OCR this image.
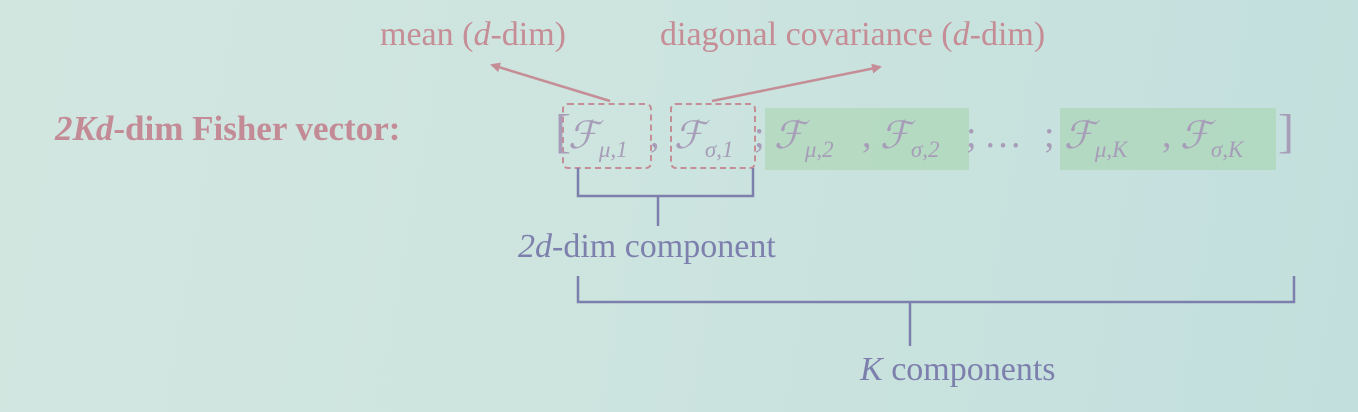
mean (d-dim)	diagonal covariance (d-dim)
2Kd-dim Fisher vector:	[
ℱ$_{\mu,1}$ , ℱ$_{\sigma,1}$ ; ℱ$_{\mu,2}$ , ℱ$_{\sigma,2}$ ; … ; ℱ$_{\mu,K}$ , ℱ$_{\sigma,K}$ ]
2d-dim component
K components
